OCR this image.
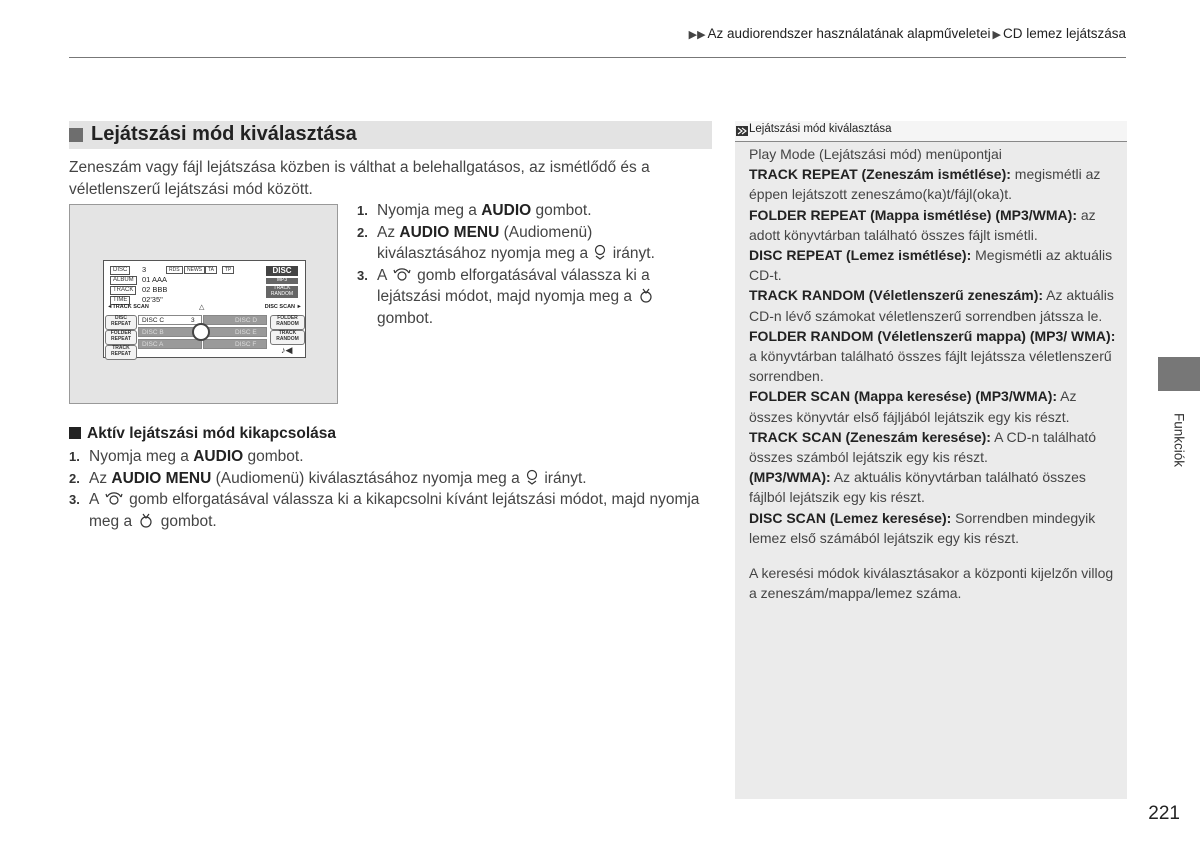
▶▶ Az audiorendszer használatának alapműveletei ▶ CD lemez lejátszása
Lejátszási mód kiválasztása
Zeneszám vagy fájl lejátszása közben is válthat a belehallgatásos, az ismétlődő és a véletlenszerű lejátszási mód között.
DISC	3	RDS	NEWS	TA	TP	DISC
ALBUM	01 AAA	MP3
TRACK	02 BBB	TRACK RANDOM
TIME	02'35"
◄TRACK SCAN	△	DISC SCAN ►
DISC REPEAT
FOLDER REPEAT
TRACK REPEAT
FOLDER RANDOM
TRACK RANDOM
♪◀
DISC C	3	DISC D
DISC B	DISC E
DISC A	DISC F
1. Nyomja meg a AUDIO gombot.
2. Az AUDIO MENU (Audiomenü) kiválasztásához nyomja meg a irányt.
3. A gomb elforgatásával válassza ki a lejátszási módot, majd nyomja meg a  gombot.
Aktív lejátszási mód kikapcsolása
1. Nyomja meg a AUDIO gombot.
2. Az AUDIO MENU (Audiomenü) kiválasztásához nyomja meg a irányt.
3. A gomb elforgatásával válassza ki a kikapcsolni kívánt lejátszási módot, majd nyomja meg a gombot.
Lejátszási mód kiválasztása

Play Mode (Lejátszási mód) menüpontjai

TRACK REPEAT (Zeneszám ismétlése): megismétli az éppen lejátszott zeneszámo(ka)t/fájl(oka)t.

FOLDER REPEAT (Mappa ismétlése) (MP3/WMA): az adott könyvtárban található összes fájlt ismétli.

DISC REPEAT (Lemez ismétlése): Megismétli az aktuális CD-t.

TRACK RANDOM (Véletlenszerű zeneszám): Az aktuális CD-n lévő számokat véletlenszerű sorrendben játssza le.

FOLDER RANDOM (Véletlenszerű mappa) (MP3/ WMA): a könyvtárban található összes fájlt lejátssza véletlenszerű sorrendben.

FOLDER SCAN (Mappa keresése) (MP3/WMA): Az összes könyvtár első fájljából lejátszik egy kis részt.

TRACK SCAN (Zeneszám keresése): A CD-n található összes számból lejátszik egy kis részt.

(MP3/WMA): Az aktuális könyvtárban található összes fájlból lejátszik egy kis részt.

DISC SCAN (Lemez keresése): Sorrendben mindegyik lemez első számából lejátszik egy kis részt.

A keresési módok kiválasztásakor a központi kijelzőn villog a zeneszám/mappa/lemez száma.

Funkciók
221
